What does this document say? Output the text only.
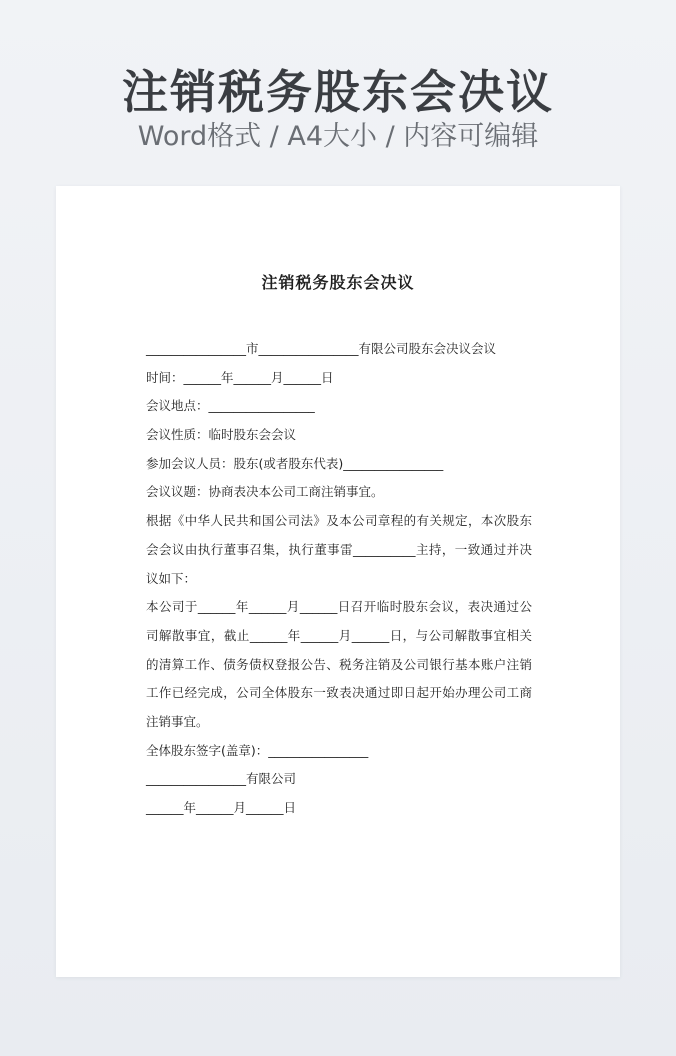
注销税务股东会决议
Word格式 / A4大小 / 内容可编辑
注销税务股东会决议
________________市________________有限公司股东会决议会议
时间：______年______月______日
会议地点：_________________
会议性质：临时股东会会议
参加会议人员：股东(或者股东代表)________________
会议议题：协商表决本公司工商注销事宜。
根据《中华人民共和国公司法》及本公司章程的有关规定，本次股东会会议由执行董事召集，执行董事雷__________主持，一致通过并决议如下：
本公司于______年______月______日召开临时股东会议，表决通过公司解散事宜，截止______年______月______日，与公司解散事宜相关的清算工作、债务债权登报公告、税务注销及公司银行基本账户注销工作已经完成，公司全体股东一致表决通过即日起开始办理公司工商注销事宜。
全体股东签字(盖章)：________________
________________有限公司
______年______月______日
